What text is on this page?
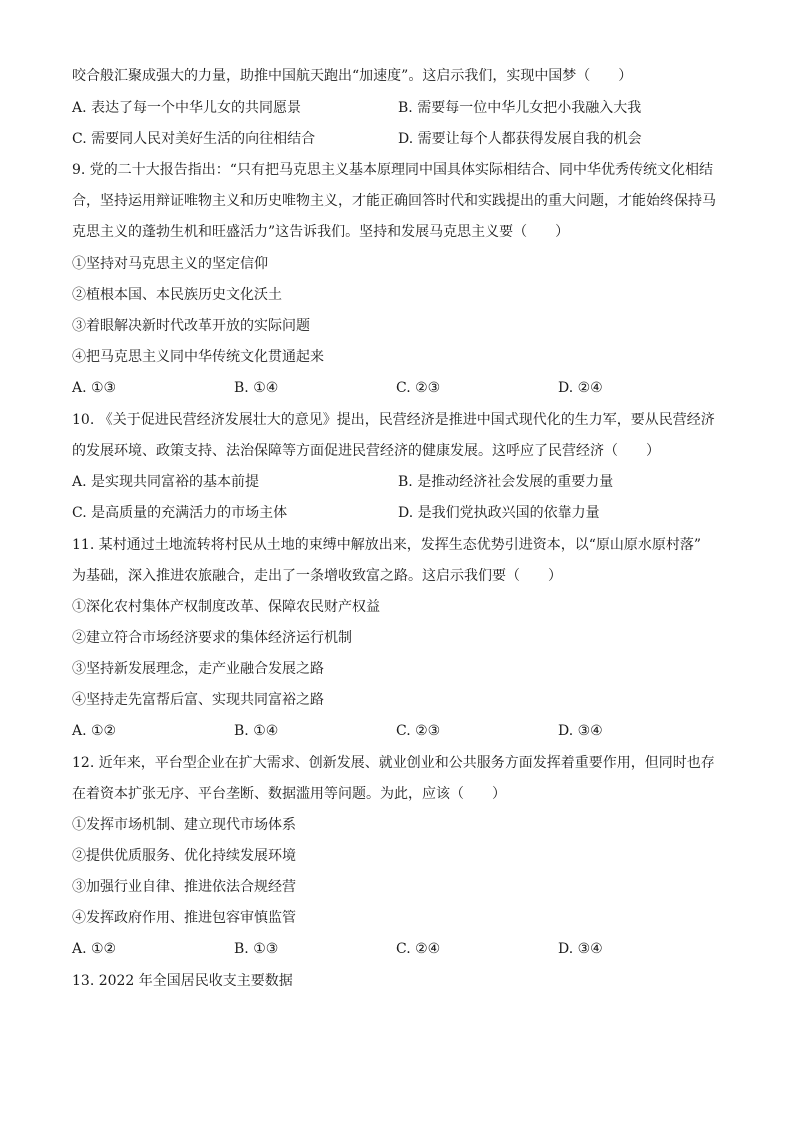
咬合般汇聚成强大的力量，助推中国航天跑出“加速度”。这启示我们，实现中国梦（　　）
A. 表达了每一个中华儿女的共同愿景	B. 需要每一位中华儿女把小我融入大我
C. 需要同人民对美好生活的向往相结合	D. 需要让每个人都获得发展自我的机会
9. 党的二十大报告指出：“只有把马克思主义基本原理同中国具体实际相结合、同中华优秀传统文化相结
合，坚持运用辩证唯物主义和历史唯物主义，才能正确回答时代和实践提出的重大问题，才能始终保持马
克思主义的蓬勃生机和旺盛活力”这告诉我们。坚持和发展马克思主义要（　　）
①坚持对马克思主义的坚定信仰
②植根本国、本民族历史文化沃土
③着眼解决新时代改革开放的实际问题
④把马克思主义同中华传统文化贯通起来
A. ①③	B. ①④	C. ②③	D. ②④
10. 《关于促进民营经济发展壮大的意见》提出，民营经济是推进中国式现代化的生力军，要从民营经济
的发展环境、政策支持、法治保障等方面促进民营经济的健康发展。这呼应了民营经济（　　）
A. 是实现共同富裕的基本前提	B. 是推动经济社会发展的重要力量
C. 是高质量的充满活力的市场主体	D. 是我们党执政兴国的依靠力量
11. 某村通过土地流转将村民从土地的束缚中解放出来，发挥生态优势引进资本，以“原山原水原村落”
为基础，深入推进农旅融合，走出了一条增收致富之路。这启示我们要（　　）
①深化农村集体产权制度改革、保障农民财产权益
②建立符合市场经济要求的集体经济运行机制
③坚持新发展理念，走产业融合发展之路
④坚持走先富帮后富、实现共同富裕之路
A. ①②	B. ①④	C. ②③	D. ③④
12. 近年来，平台型企业在扩大需求、创新发展、就业创业和公共服务方面发挥着重要作用，但同时也存
在着资本扩张无序、平台垄断、数据滥用等问题。为此，应该（　　）
①发挥市场机制、建立现代市场体系
②提供优质服务、优化持续发展环境
③加强行业自律、推进依法合规经营
④发挥政府作用、推进包容审慎监管
A. ①②	B. ①③	C. ②④	D. ③④
13. 2022 年全国居民收支主要数据
